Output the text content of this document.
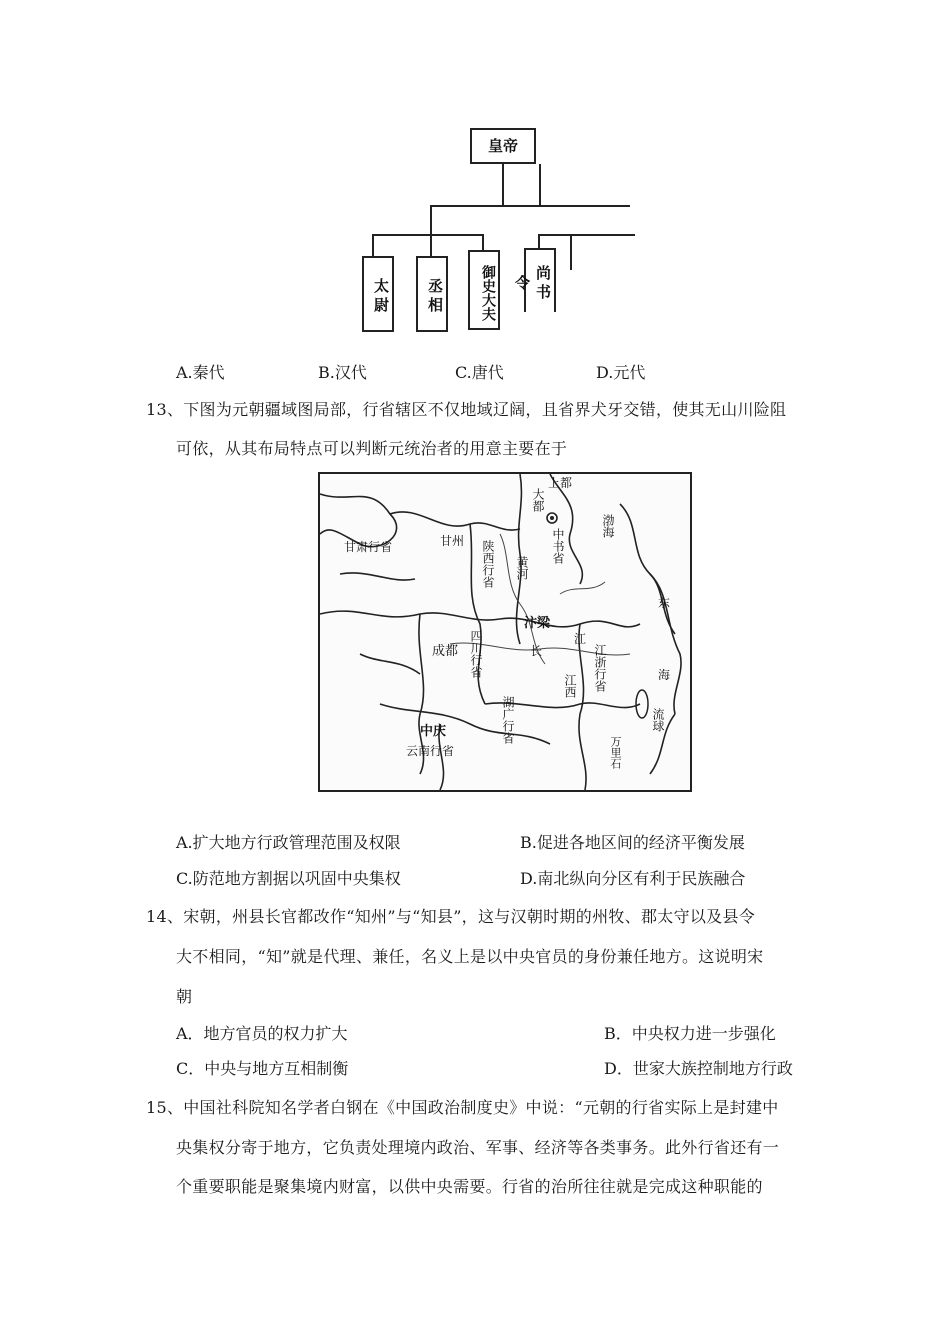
皇帝
太尉	丞相	御史大夫	尚书令
A.秦代	B.汉代	C.唐代	D.元代
13、下图为元朝疆域图局部，行省辖区不仅地域辽阔，且省界犬牙交错，使其无山川险阻
可依，从其布局特点可以判断元统治者的用意主要在于
上都
大都
中书省
渤海
甘肃行省	甘州 陕西行省 黄河
汴梁
东
江
长
成都 四川行省	江浙行省	海
江西
流球
中庆
云南行省
湖广行省
万里石
A.扩大地方行政管理范围及权限	B.促进各地区间的经济平衡发展
C.防范地方割据以巩固中央集权	D.南北纵向分区有利于民族融合
14、宋朝，州县长官都改作“知州”与“知县”，这与汉朝时期的州牧、郡太守以及县令
大不相同，“知”就是代理、兼任，名义上是以中央官员的身份兼任地方。这说明宋
朝
A．地方官员的权力扩大	B．中央权力进一步强化
C．中央与地方互相制衡	D．世家大族控制地方行政
15、中国社科院知名学者白钢在《中国政治制度史》中说：“元朝的行省实际上是封建中
央集权分寄于地方，它负责处理境内政治、军事、经济等各类事务。此外行省还有一
个重要职能是聚集境内财富，以供中央需要。行省的治所往往就是完成这种职能的
